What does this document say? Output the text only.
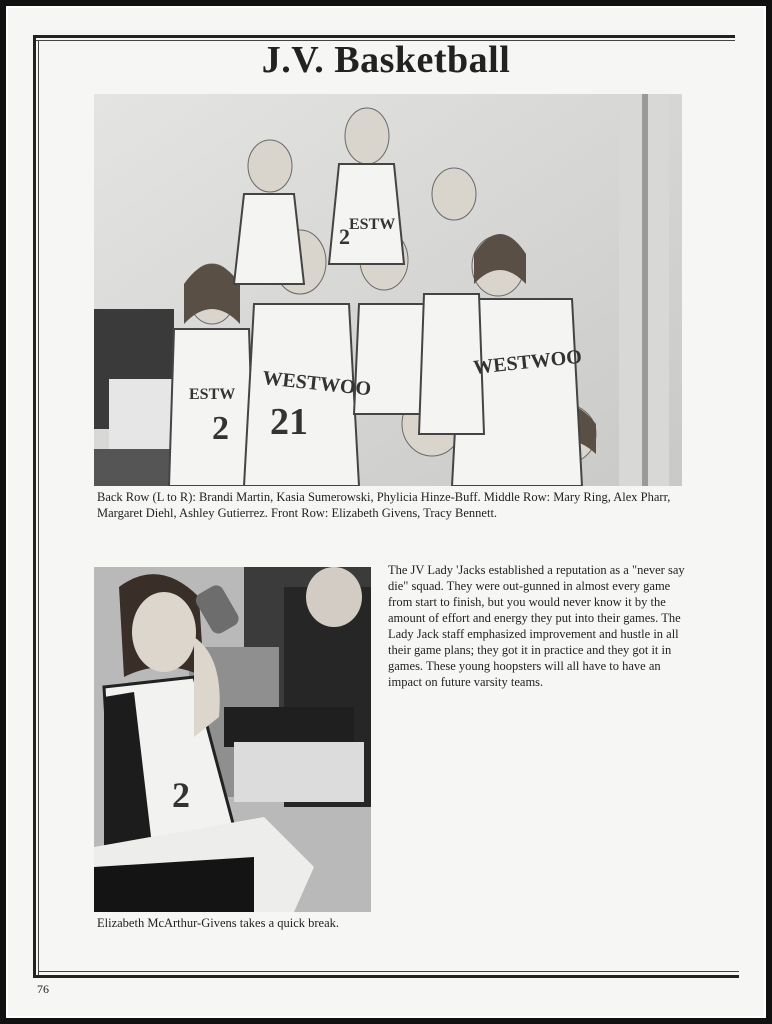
J.V. Basketball
WESTWOO
21
ESTW
2
WESTWOO
ESTW
2
Back Row (L to R): Brandi Martin, Kasia Sumerowski, Phylicia Hinze-Buff. Middle Row: Mary Ring, Alex Pharr, Margaret Diehl, Ashley Gutierrez. Front Row: Elizabeth Givens, Tracy Bennett.
2
Elizabeth McArthur-Givens takes a quick break.
The JV Lady 'Jacks established a reputation as a "never say die" squad. They were out-gunned in almost every game from start to finish, but you would never know it by the amount of effort and energy they put into their games. The Lady Jack staff emphasized improvement and hustle in all their game plans; they got it in practice and they got it in games. These young hoopsters will all have to have an impact on future varsity teams.
76
